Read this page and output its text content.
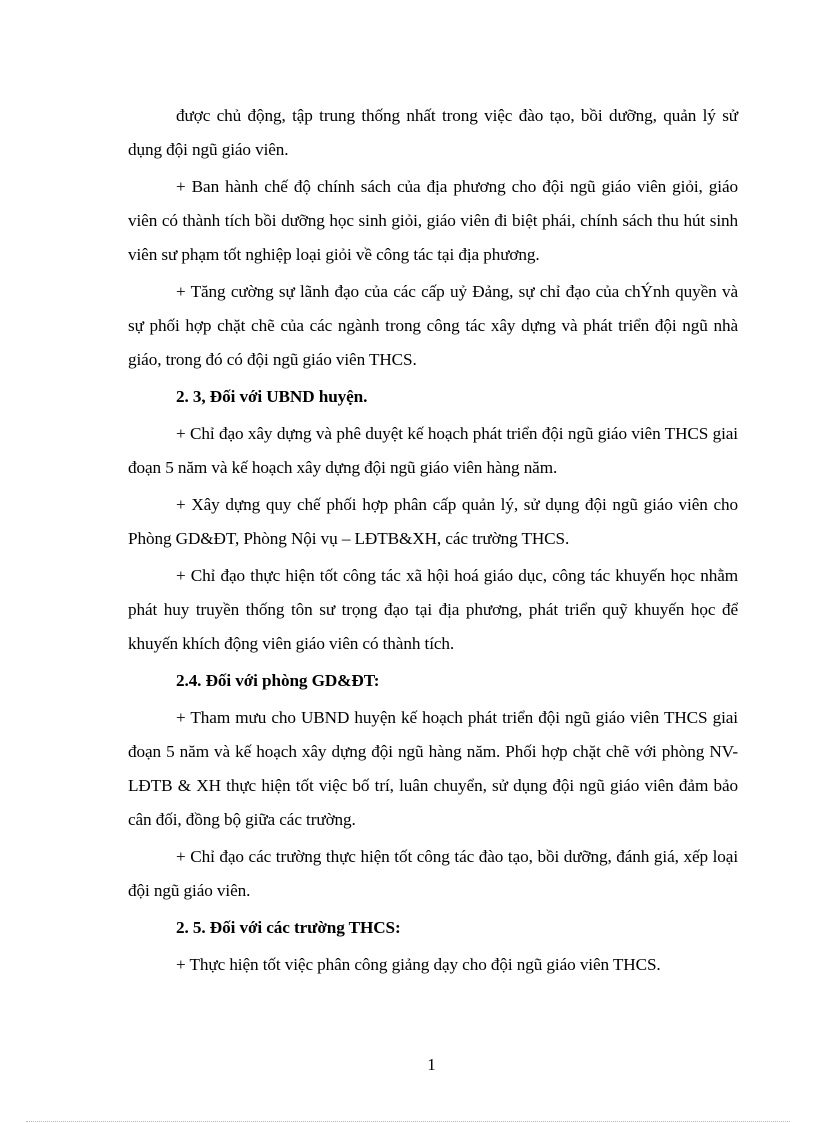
được chủ động, tập trung thống nhất trong việc đào tạo, bồi dưỡng, quản lý sử dụng đội ngũ giáo viên.

+ Ban hành chế độ chính sách của địa phương cho đội ngũ giáo viên giỏi, giáo viên có thành tích bồi dưỡng học sinh giỏi, giáo viên đi biệt phái, chính sách thu hút sinh viên sư phạm tốt nghiệp loại giỏi về công tác tại địa phương.

+ Tăng cường sự lãnh đạo của các cấp uỷ Đảng, sự chỉ đạo của chÝnh quyền và sự phối hợp chặt chẽ của các ngành trong công tác xây dựng và phát triển đội ngũ nhà giáo, trong đó có đội ngũ giáo viên THCS.

2. 3, Đối với UBND huyện.

+ Chỉ đạo xây dựng và phê duyệt kế hoạch phát triển đội ngũ giáo viên THCS giai đoạn 5 năm và kế hoạch xây dựng đội ngũ giáo viên hàng năm.

+ Xây dựng quy chế phối hợp phân cấp quản lý, sử dụng đội ngũ giáo viên cho Phòng GD&ĐT, Phòng Nội vụ – LĐTB&XH, các trường THCS.

+ Chỉ đạo thực hiện tốt công tác xã hội hoá giáo dục, công tác khuyến học nhằm phát huy truyền thống tôn sư trọng đạo tại địa phương, phát triển quỹ khuyến học để khuyến khích động viên giáo viên có thành tích.

2.4. Đối với phòng GD&ĐT:

+ Tham mưu cho UBND huyện kế hoạch phát triển đội ngũ giáo viên THCS giai đoạn 5 năm và kế hoạch xây dựng đội ngũ hàng năm. Phối hợp chặt chẽ với phòng NV-LĐTB & XH thực hiện tốt việc bố trí, luân chuyển, sử dụng đội ngũ giáo viên đảm bảo cân đối, đồng bộ giữa các trường.

+ Chỉ đạo các trường thực hiện tốt công tác đào tạo, bồi dưỡng, đánh giá, xếp loại đội ngũ giáo viên.

2. 5. Đối với các trường THCS:

+ Thực hiện tốt việc phân công giảng dạy cho đội ngũ giáo viên THCS.

1
